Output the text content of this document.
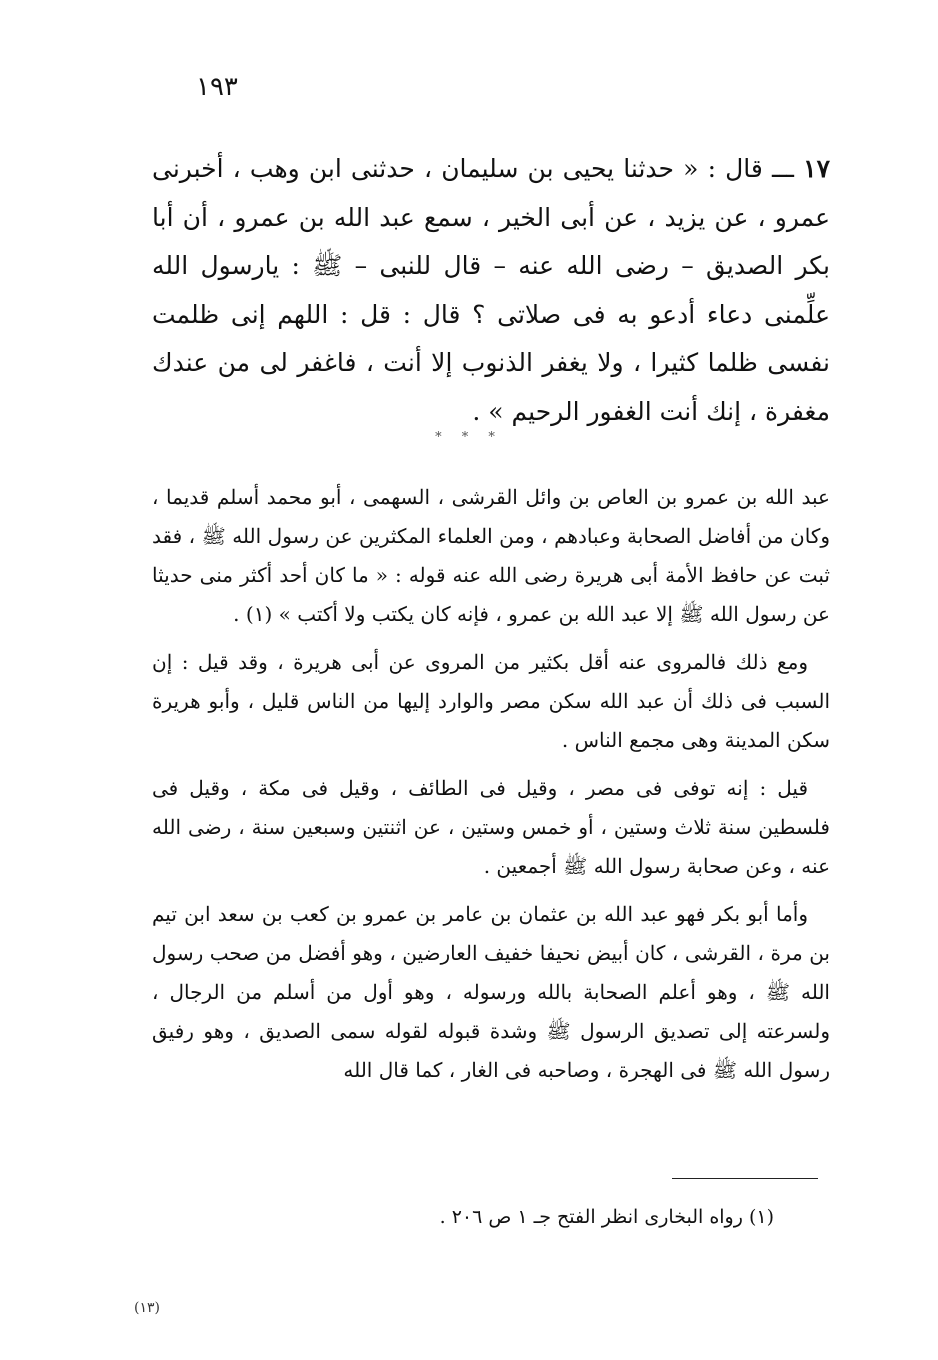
١٩٣

١٧ ـــ قال : « حدثنا يحيى بن سليمان ، حدثنى ابن وهب ، أخبرنى عمرو ، عن يزيد ، عن أبى الخير ، سمع عبد الله بن عمرو ، أن أبا بكر الصديق – رضى الله عنه – قال للنبى – ﷺ : يارسول الله علِّمنى دعاء أدعو به فى صلاتى ؟ قال : قل : اللهم إنى ظلمت نفسى ظلما كثيرا ، ولا يغفر الذنوب إلا أنت ، فاغفر لى من عندك مغفرة ، إنك أنت الغفور الرحيم » .

* * *

عبد الله بن عمرو بن العاص بن وائل القرشى ، السهمى ، أبو محمد أسلم قديما ، وكان من أفاضل الصحابة وعبادهم ، ومن العلماء المكثرين عن رسول الله ﷺ ، فقد ثبت عن حافظ الأمة أبى هريرة رضى الله عنه قوله : « ما كان أحد أكثر منى حديثا عن رسول الله ﷺ إلا عبد الله بن عمرو ، فإنه كان يكتب ولا أكتب » (١) .

ومع ذلك فالمروى عنه أقل بكثير من المروى عن أبى هريرة ، وقد قيل : إن السبب فى ذلك أن عبد الله سكن مصر والوارد إليها من الناس قليل ، وأبو هريرة سكن المدينة وهى مجمع الناس .

قيل : إنه توفى فى مصر ، وقيل فى الطائف ، وقيل فى مكة ، وقيل فى فلسطين سنة ثلاث وستين ، أو خمس وستين ، عن اثنتين وسبعين سنة ، رضى الله عنه ، وعن صحابة رسول الله ﷺ أجمعين .

وأما أبو بكر فهو عبد الله بن عثمان بن عامر بن عمرو بن كعب بن سعد ابن تيم بن مرة ، القرشى ، كان أبيض نحيفا خفيف العارضين ، وهو أفضل من صحب رسول الله ﷺ ، وهو أعلم الصحابة بالله ورسوله ، وهو أول من أسلم من الرجال ، ولسرعته إلى تصديق الرسول ﷺ وشدة قبوله لقوله سمى الصديق ، وهو رفيق رسول الله ﷺ فى الهجرة ، وصاحبه فى الغار ، كما قال الله

(١) رواه البخارى انظر الفتح جـ ١ ص ٢٠٦ .
(١٣)
